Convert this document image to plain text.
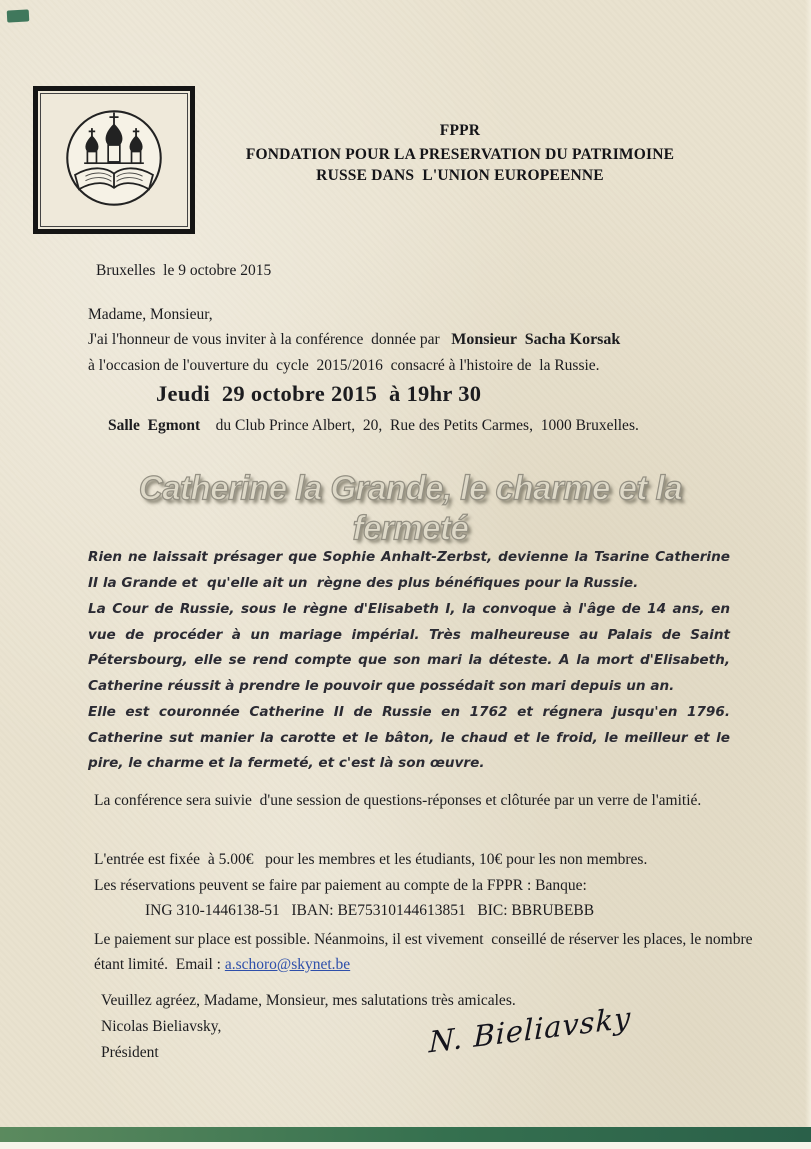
FPPR
FONDATION POUR LA PRESERVATION DU PATRIMOINE
RUSSE DANS  L'UNION EUROPEENNE
Bruxelles  le 9 octobre 2015
Madame, Monsieur,
J'ai l'honneur de vous inviter à la conférence  donnée par   Monsieur  Sacha Korsak
à l'occasion de l'ouverture du  cycle  2015/2016  consacré à l'histoire de  la Russie.
Jeudi  29 octobre 2015  à 19hr 30
Salle  Egmont    du Club Prince Albert,  20,  Rue des Petits Carmes,  1000 Bruxelles.
Catherine la Grande, le charme et la fermeté

Rien ne laissait présager que Sophie Anhalt-Zerbst, devienne la Tsarine Catherine II la Grande et  qu'elle ait un  règne des plus bénéfiques pour la Russie.

La Cour de Russie, sous le règne d'Elisabeth I, la convoque à l'âge de 14 ans, en vue de procéder à un mariage impérial. Très malheureuse au Palais de Saint Pétersbourg, elle se rend compte que son mari la déteste. A la mort d'Elisabeth, Catherine réussit à prendre le pouvoir que possédait son mari depuis un an.

Elle est couronnée Catherine II de Russie en 1762 et régnera jusqu'en 1796. Catherine sut manier la carotte et le bâton, le chaud et le froid, le meilleur et le pire, le charme et la fermeté, et c'est là son œuvre.

La conférence sera suivie  d'une session de questions-réponses et clôturée par un verre de l'amitié.
L'entrée est fixée  à 5.00€   pour les membres et les étudiants, 10€ pour les non membres.
Les réservations peuvent se faire par paiement au compte de la FPPR : Banque:
ING 310-1446138-51   IBAN: BE75310144613851   BIC: BBRUBEBB
Le paiement sur place est possible. Néanmoins, il est vivement  conseillé de réserver les places, le nombre étant limité.  Email : a.schoro@skynet.be
Veuillez agréez, Madame, Monsieur, mes salutations très amicales.
Nicolas Bieliavsky,
Président	N. Bieliavsky
